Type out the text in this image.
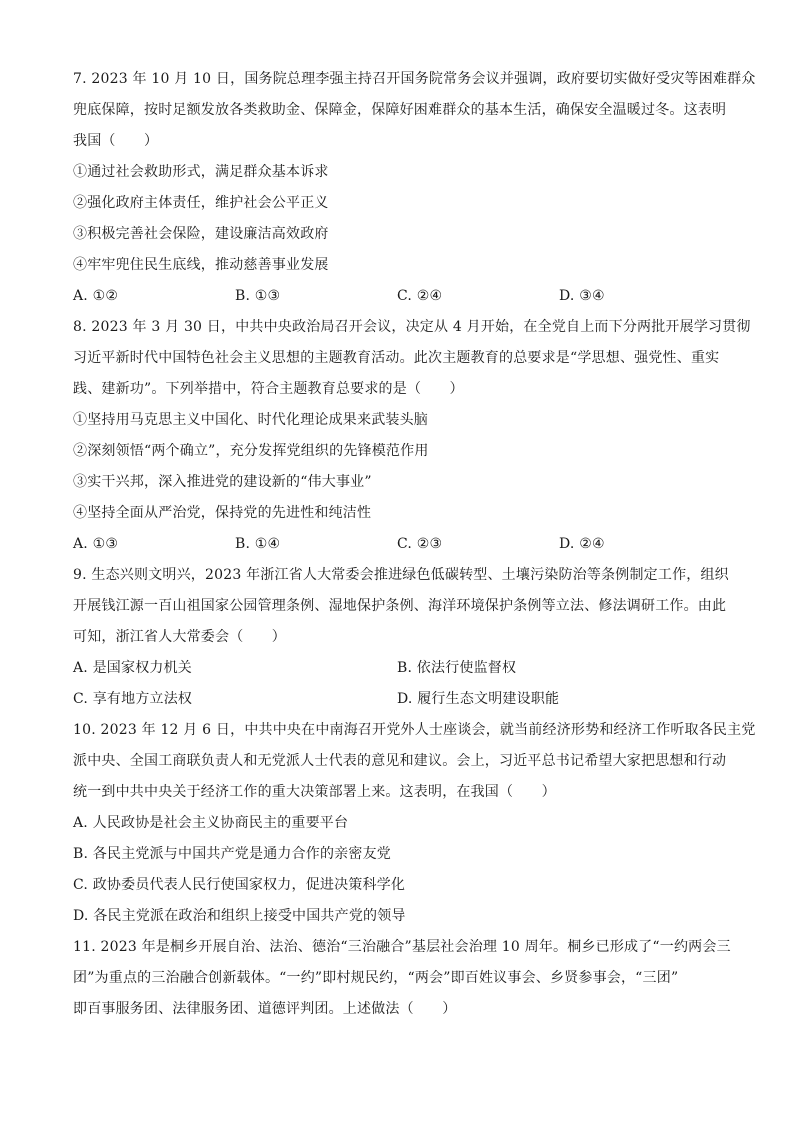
7. 2023 年 10 月 10 日，国务院总理李强主持召开国务院常务会议并强调，政府要切实做好受灾等困难群众
兜底保障，按时足额发放各类救助金、保障金，保障好困难群众的基本生活，确保安全温暖过冬。这表明
我国（　　）
①通过社会救助形式，满足群众基本诉求
②强化政府主体责任，维护社会公平正义
③积极完善社会保险，建设廉洁高效政府
④牢牢兜住民生底线，推动慈善事业发展
A. ①②	B. ①③	C. ②④	D. ③④
8. 2023 年 3 月 30 日，中共中央政治局召开会议，决定从 4 月开始，在全党自上而下分两批开展学习贯彻
习近平新时代中国特色社会主义思想的主题教育活动。此次主题教育的总要求是“学思想、强党性、重实
践、建新功”。下列举措中，符合主题教育总要求的是（　　）
①坚持用马克思主义中国化、时代化理论成果来武装头脑
②深刻领悟“两个确立”，充分发挥党组织的先锋模范作用
③实干兴邦，深入推进党的建设新的“伟大事业”
④坚持全面从严治党，保持党的先进性和纯洁性
A. ①③	B. ①④	C. ②③	D. ②④
9. 生态兴则文明兴，2023 年浙江省人大常委会推进绿色低碳转型、土壤污染防治等条例制定工作，组织
开展钱江源一百山祖国家公园管理条例、湿地保护条例、海洋环境保护条例等立法、修法调研工作。由此
可知，浙江省人大常委会（　　）
A. 是国家权力机关	B. 依法行使监督权
C. 享有地方立法权	D. 履行生态文明建设职能
10. 2023 年 12 月 6 日，中共中央在中南海召开党外人士座谈会，就当前经济形势和经济工作听取各民主党
派中央、全国工商联负责人和无党派人士代表的意见和建议。会上，习近平总书记希望大家把思想和行动
统一到中共中央关于经济工作的重大决策部署上来。这表明，在我国（　　）
A. 人民政协是社会主义协商民主的重要平台
B. 各民主党派与中国共产党是通力合作的亲密友党
C. 政协委员代表人民行使国家权力，促进决策科学化
D. 各民主党派在政治和组织上接受中国共产党的领导
11. 2023 年是桐乡开展自治、法治、德治“三治融合”基层社会治理 10 周年。桐乡已形成了“一约两会三
团”为重点的三治融合创新载体。“一约”即村规民约，“两会”即百姓议事会、乡贤参事会，“三团”
即百事服务团、法律服务团、道德评判团。上述做法（　　）
